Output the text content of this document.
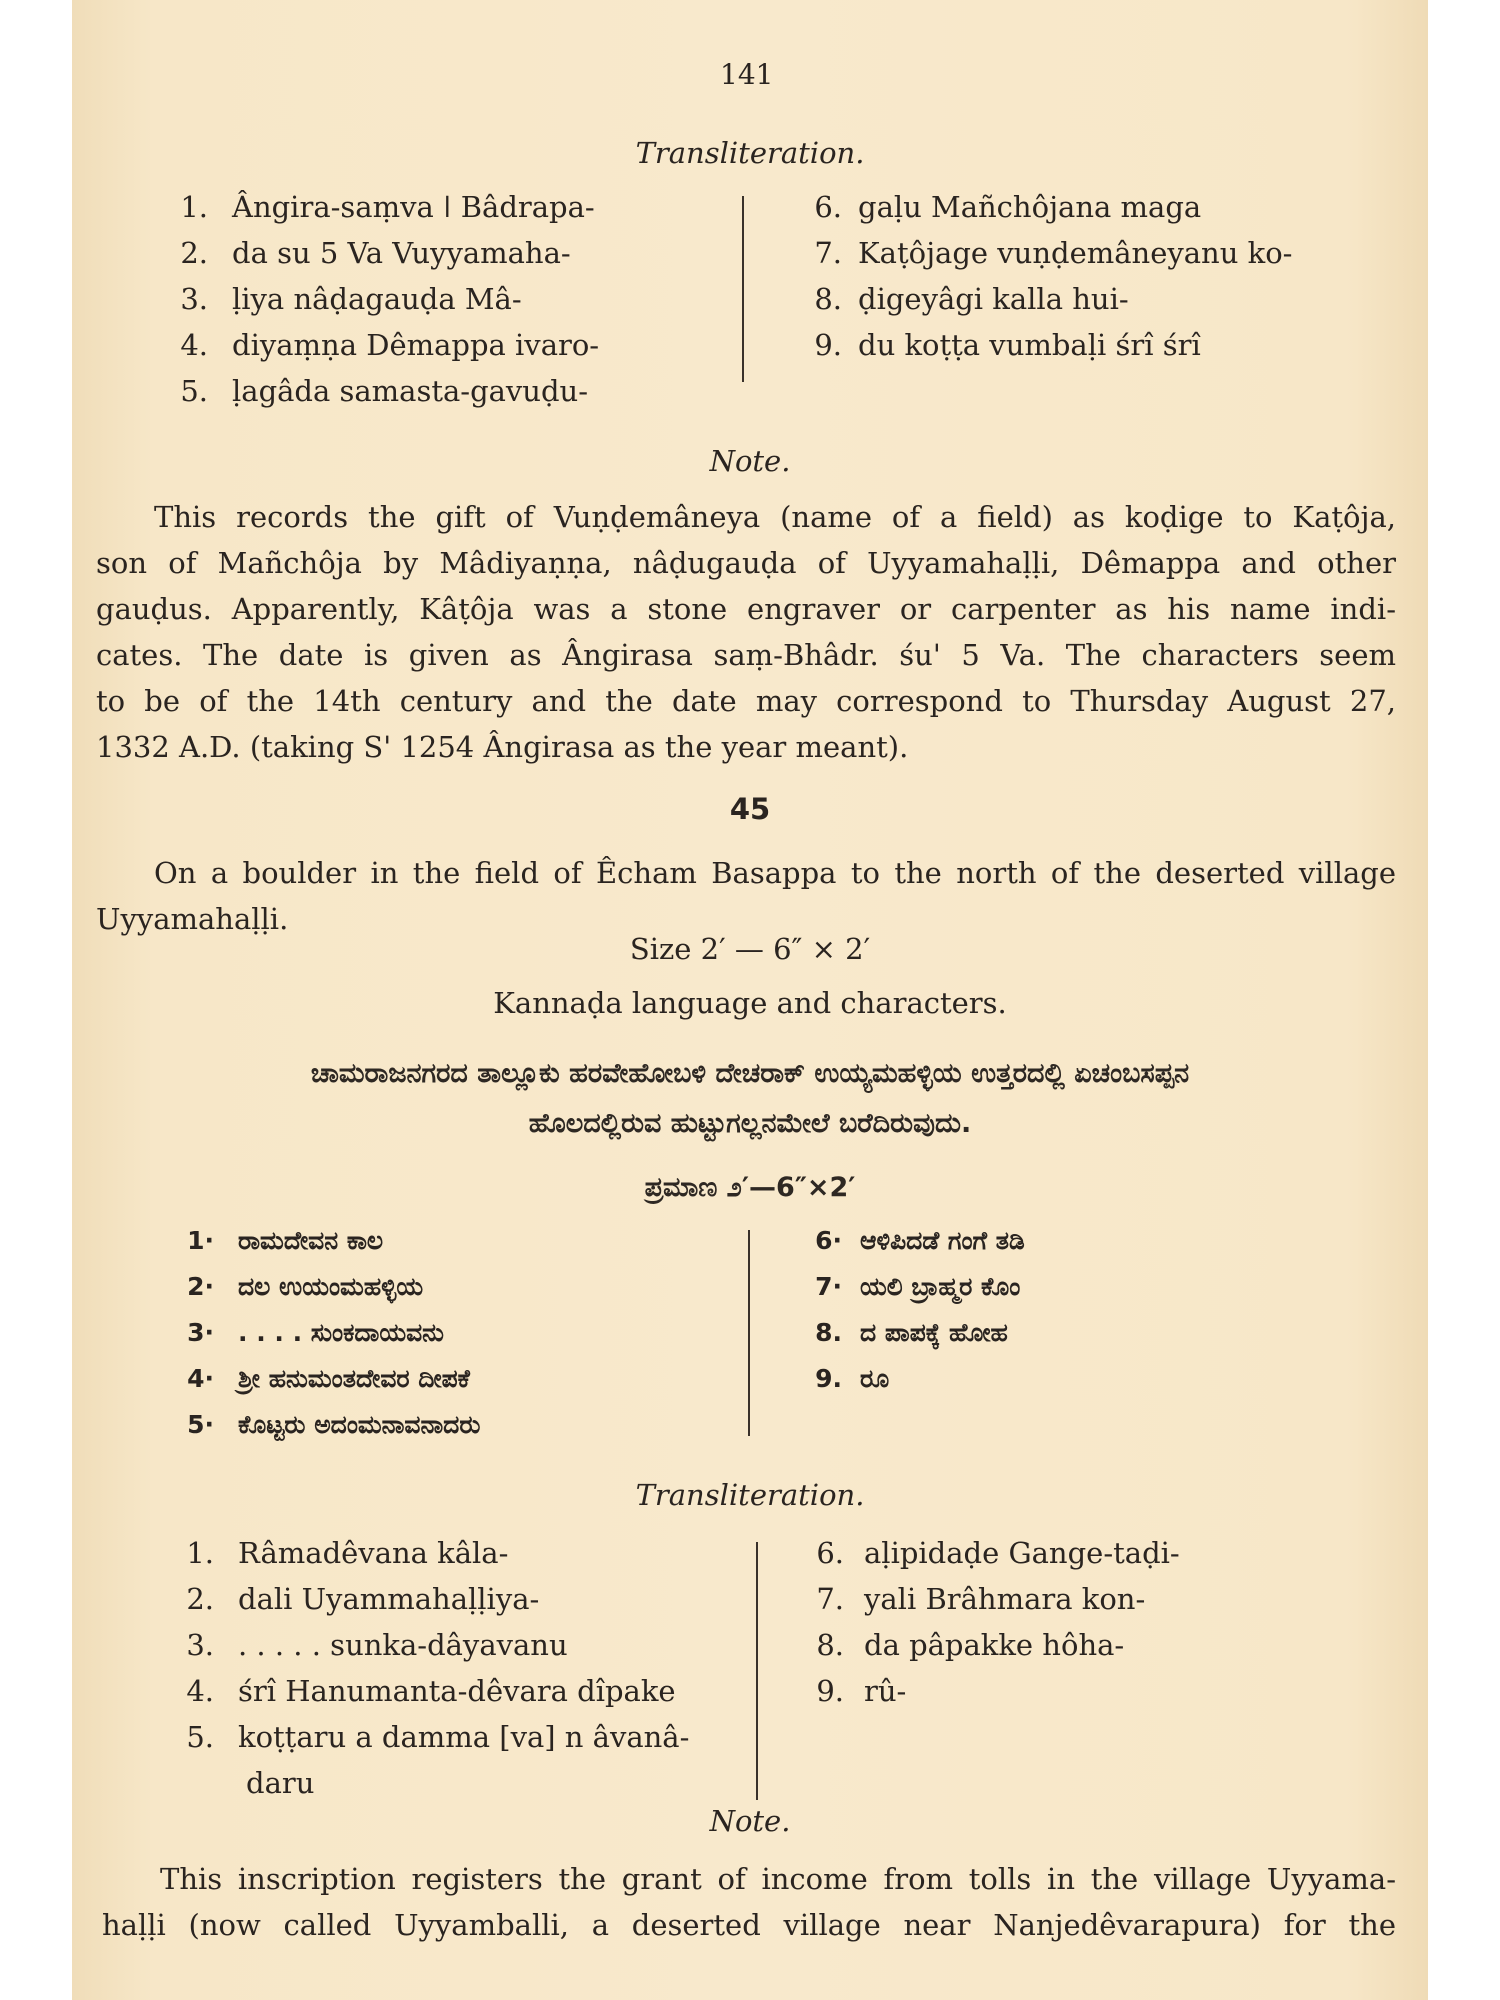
141
Transliteration.
1. Ângira-saṃva ǀ Bâdrapa-
2. da su 5 Va Vuyyamaha-
3. ḷiya nâḍagauḍa Mâ-
4. diyaṃṇa Dêmappa ivaro-
5. ḷagâda samasta-gavuḍu-
6. gaḷu Mañchôjana maga
7. Kaṭôjage vuṇḍemâneyanu ko-
8. ḍigeyâgi kalla hui-
9. du koṭṭa vumbaḷi śrî śrî
Note.
This records the gift of Vuṇḍemâneya (name of a field) as koḍige to Kaṭôja,
son of Mañchôja by Mâdiyaṇṇa, nâḍugauḍa of Uyyamahaḷḷi, Dêmappa and other
gauḍus. Apparently, Kâṭôja was a stone engraver or carpenter as his name indi-
cates. The date is given as Ângirasa saṃ-Bhâdr. śu' 5 Va. The characters seem
to be of the 14th century and the date may correspond to Thursday August 27,
1332 A.D. (taking S' 1254 Ângirasa as the year meant).
45
On a boulder in the field of Êcham Basappa to the north of the deserted village
Uyyamahaḷḷi.
Size 2′ — 6″ × 2′
Kannaḍa language and characters.
ಚಾಮರಾಜನಗರದ ತಾಲ್ಲೂಕು ಹರವೇಹೋಬಳಿ ದೇಚರಾಕ್ ಉಯ್ಯಮಹಳ್ಳಿಯ ಉತ್ತರದಲ್ಲಿ ಏಚಂಬಸಪ್ಪನ
ಹೊಲದಲ್ಲಿರುವ ಹುಟ್ಟುಗಲ್ಲನಮೇಲೆ ಬರೆದಿರುವುದು.
ಪ್ರಮಾಣ ೨′—6″×2′
1· ರಾಮದೇವನ ಕಾಲ
2· ದಲ ಉಯಂಮಹಳ್ಳಿಯ
3· . . . . ಸುಂಕದಾಯವನು
4· ಶ್ರೀ ಹನುಮಂತದೇವರ ದೀಪಕೆ
5· ಕೊಟ್ಟರು ಅದಂಮನಾವನಾದರು
6· ಆಳಿಪಿದಡೆ ಗಂಗೆ ತಡಿ
7· ಯಲಿ ಬ್ರಾಹ್ಮರ ಕೊಂ
8. ದ ಪಾಪಕ್ಕೆ ಹೋಹ
9. ರೂ
Transliteration.
1. Râmadêvana kâla-
2. dali Uyammahaḷḷiya-
3. . . . . . sunka-dâyavanu
4. śrî Hanumanta-dêvara dîpake
5. koṭṭaru a damma [va] n âvanâ-
daru
6. aḷipidaḍe Gange-taḍi-
7. yali Brâhmara kon-
8. da pâpakke hôha-
9. rû-
Note.
This inscription registers the grant of income from tolls in the village Uyyama-
haḷḷi (now called Uyyamballi, a deserted village near Nanjedêvarapura) for the
